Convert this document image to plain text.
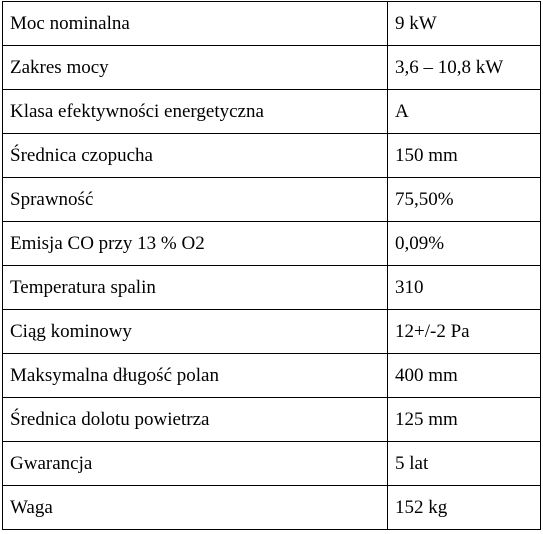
Moc nominalna	9 kW
Zakres mocy	3,6 – 10,8 kW
Klasa efektywności energetyczna	A
Średnica czopucha	150 mm
Sprawność	75,50%
Emisja CO przy 13 % O2	0,09%
Temperatura spalin	310
Ciąg kominowy	12+/-2 Pa
Maksymalna długość polan	400 mm
Średnica dolotu powietrza	125 mm
Gwarancja	5 lat
Waga	152 kg
